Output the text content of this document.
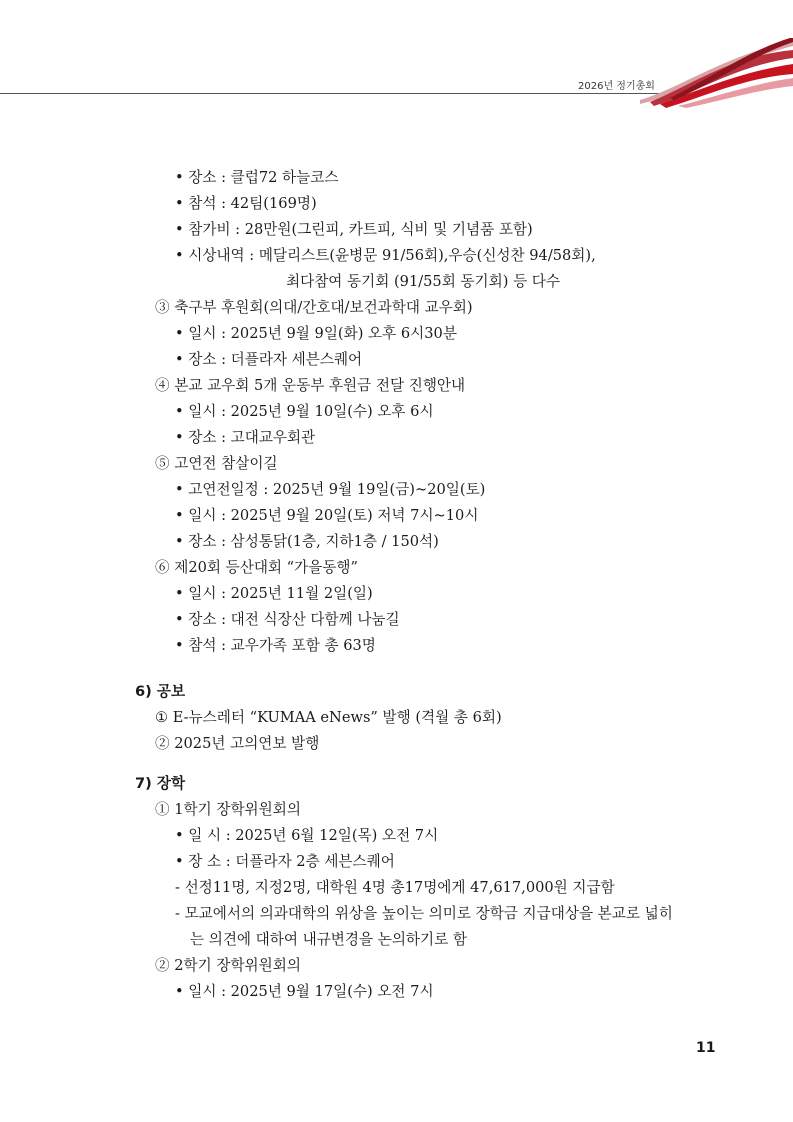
2026년 정기총회
• 장소 : 클럽72 하늘코스
• 참석 : 42팀(169명)
• 참가비 : 28만원(그린피, 카트피, 식비 및 기념품 포함)
• 시상내역 : 메달리스트(윤병문 91/56회),우승(신성찬 94/58회),
최다참여 동기회 (91/55회 동기회) 등 다수
③ 축구부 후원회(의대/간호대/보건과학대 교우회)
• 일시 : 2025년 9월 9일(화) 오후 6시30분
• 장소 : 더플라자 세븐스퀘어
④ 본교 교우회 5개 운동부 후원금 전달 진행안내
• 일시 : 2025년 9월 10일(수) 오후 6시
• 장소 : 고대교우회관
⑤ 고연전 참살이길
• 고연전일정 : 2025년 9월 19일(금)~20일(토)
• 일시 : 2025년 9월 20일(토) 저녁 7시~10시
• 장소 : 삼성통닭(1층, 지하1층 / 150석)
⑥ 제20회 등산대회 “가을동행”
• 일시 : 2025년 11월 2일(일)
• 장소 : 대전 식장산 다함께 나눔길
• 참석 : 교우가족 포함 총 63명
6) 공보
① E-뉴스레터 “KUMAA eNews” 발행 (격월 총 6회)
② 2025년 고의연보 발행
7) 장학
① 1학기 장학위원회의
• 일 시 : 2025년 6월 12일(목) 오전 7시
• 장 소 : 더플라자 2층 세븐스퀘어
- 선정11명, 지정2명, 대학원 4명 총17명에게 47,617,000원 지급함
- 모교에서의 의과대학의 위상을 높이는 의미로 장학금 지급대상을 본교로 넓히
는 의견에 대하여 내규변경을 논의하기로 함
② 2학기 장학위원회의
• 일시 : 2025년 9월 17일(수) 오전 7시
11
